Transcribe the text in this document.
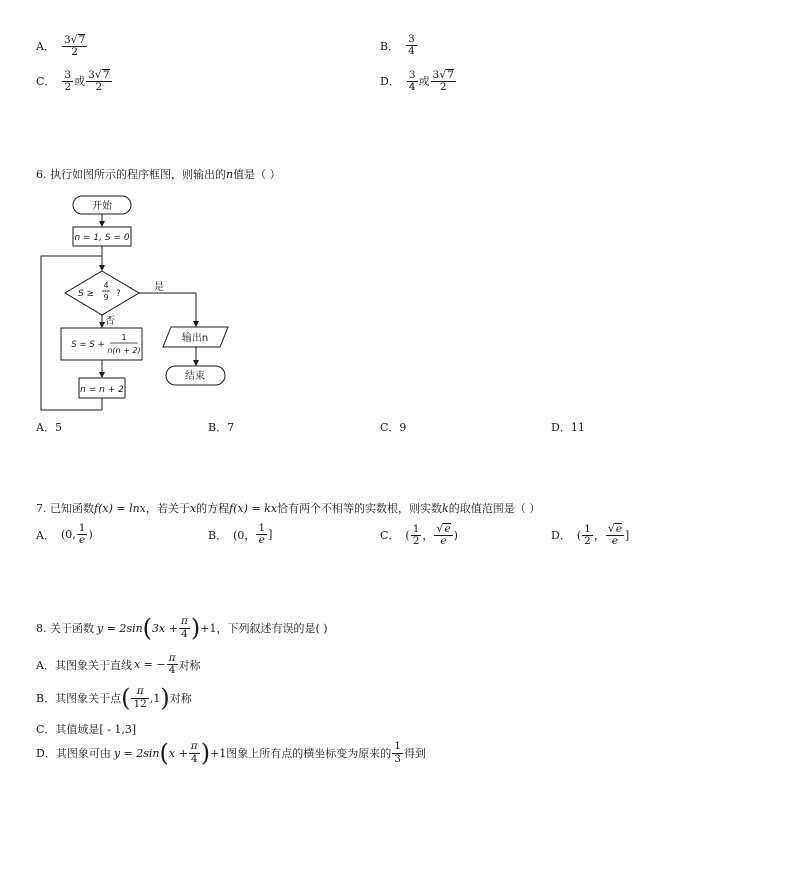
A． $\frac{3√7}{2}$	B． $\frac{3}{4}$
C． $\frac{3}{2}$ 或 $\frac{3√7}{2}$	D． $\frac{3}{4}$ 或 $\frac{3√7}{2}$
6. 执行如图所示的程序框图，则输出的n值是（ ）
开始
n = 1, S = 0
S ≥
4
9 ?
是
否
S = S +
1
n(n + 2)
输出n
n = n + 2
结束
A．5	B．7	C．9	D．11
7. 已知函数f(x) = lnx，若关于x的方程f(x) = kx恰有两个不相等的实数根，则实数k的取值范围是（ ）
A． (0, $\frac{1}{e}$ )	B． (0， $\frac{1}{e}$ ]	C． ( $\frac{1}{2}$ ， $\frac{√e}{e}$ )	D． ( $\frac{1}{2}$ ， $\frac{√e}{e}$ ]
8. 关于函数 y = 2sin ( $3x + \frac{\pi}{4}$ ) +1 ，下列叙述有误的是( )
A． 其图象关于直线 x = − $\frac{\pi}{4}$ 对称
B． 其图象关于点 ( $\frac{\pi}{12} ,1$ ) 对称
C．其值域是[ - 1,3]
D． 其图象可由 y = 2sin ( $x + \frac{\pi}{4}$ ) +1 图象上所有点的横坐标变为原来的 $\frac{1}{3}$ 得到
